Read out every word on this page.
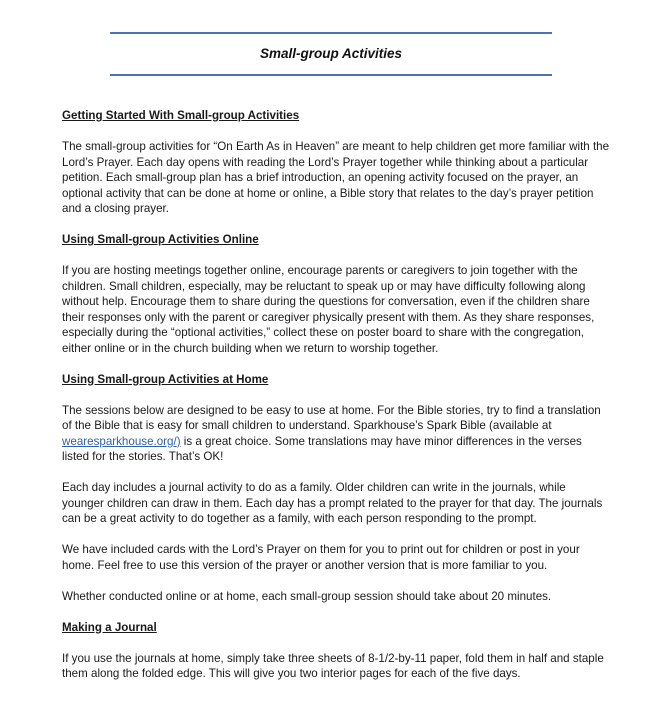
Small-group Activities
Getting Started With Small-group Activities
The small-group activities for “On Earth As in Heaven” are meant to help children get more familiar with the Lord’s Prayer. Each day opens with reading the Lord’s Prayer together while thinking about a particular petition. Each small-group plan has a brief introduction, an opening activity focused on the prayer, an optional activity that can be done at home or online, a Bible story that relates to the day’s prayer petition and a closing prayer.
Using Small-group Activities Online
If you are hosting meetings together online, encourage parents or caregivers to join together with the children. Small children, especially, may be reluctant to speak up or may have difficulty following along without help. Encourage them to share during the questions for conversation, even if the children share their responses only with the parent or caregiver physically present with them. As they share responses, especially during the “optional activities,” collect these on poster board to share with the congregation, either online or in the church building when we return to worship together.
Using Small-group Activities at Home
The sessions below are designed to be easy to use at home. For the Bible stories, try to find a translation of the Bible that is easy for small children to understand. Sparkhouse’s Spark Bible (available at wearesparkhouse.org/) is a great choice. Some translations may have minor differences in the verses listed for the stories. That’s OK!
Each day includes a journal activity to do as a family. Older children can write in the journals, while younger children can draw in them. Each day has a prompt related to the prayer for that day. The journals can be a great activity to do together as a family, with each person responding to the prompt.
We have included cards with the Lord’s Prayer on them for you to print out for children or post in your home. Feel free to use this version of the prayer or another version that is more familiar to you.
Whether conducted online or at home, each small-group session should take about 20 minutes.
Making a Journal
If you use the journals at home, simply take three sheets of 8-1/2-by-11 paper, fold them in half and staple them along the folded edge. This will give you two interior pages for each of the five days.
